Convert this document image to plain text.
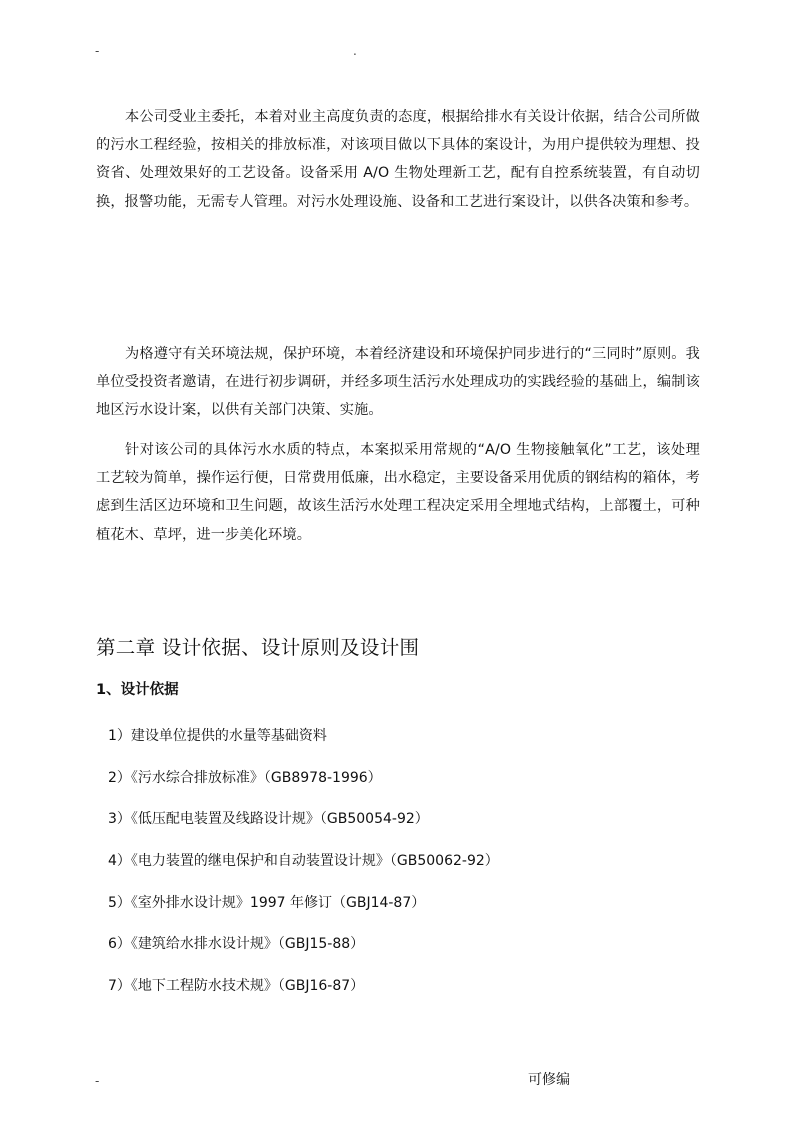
-	.

本公司受业主委托，本着对业主高度负责的态度，根据给排水有关设计依据，结合公司所做的污水工程经验，按相关的排放标准，对该项目做以下具体的案设计，为用户提供较为理想、投资省、处理效果好的工艺设备。设备采用 A/O 生物处理新工艺，配有自控系统装置，有自动切换，报警功能，无需专人管理。对污水处理设施、设备和工艺进行案设计，以供各决策和参考。

为格遵守有关环境法规，保护环境，本着经济建设和环境保护同步进行的“三同时”原则。我单位受投资者邀请，在进行初步调研，并经多项生活污水处理成功的实践经验的基础上，编制该地区污水设计案，以供有关部门决策、实施。

针对该公司的具体污水水质的特点，本案拟采用常规的“A/O 生物接触氧化”工艺，该处理工艺较为简单，操作运行便，日常费用低廉，出水稳定，主要设备采用优质的钢结构的箱体，考虑到生活区边环境和卫生问题，故该生活污水处理工程决定采用全埋地式结构，上部覆土，可种植花木、草坪，进一步美化环境。

第二章 设计依据、设计原则及设计围
1、设计依据
1）建设单位提供的水量等基础资料
2）《污水综合排放标准》（GB8978-1996）
3）《低压配电装置及线路设计规》（GB50054-92）
4）《电力装置的继电保护和自动装置设计规》（GB50062-92）
5）《室外排水设计规》1997 年修订（GBJ14-87）
6）《建筑给水排水设计规》（GBJ15-88）
7）《地下工程防水技术规》（GBJ16-87）
-	可修编
